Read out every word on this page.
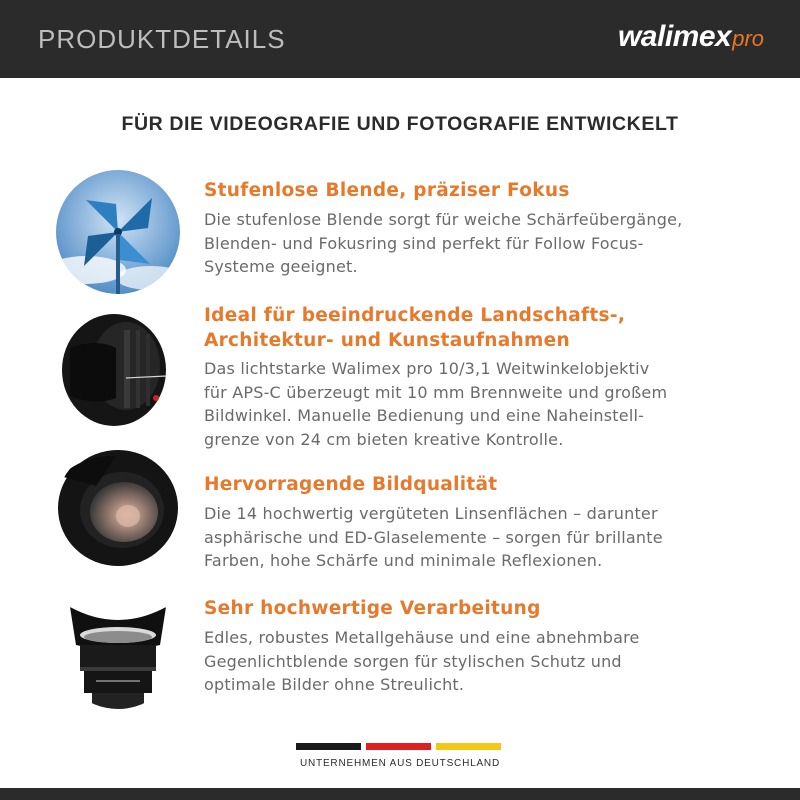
PRODUKTDETAILS	walimexpro
FÜR DIE VIDEOGRAFIE UND FOTOGRAFIE ENTWICKELT
Stufenlose Blende, präziser Fokus
Die stufenlose Blende sorgt für weiche Schärfeübergänge,
Blenden- und Fokusring sind perfekt für Follow Focus-
Systeme geeignet.
Ideal für beeindruckende Landschafts-,
Architektur- und Kunstaufnahmen
Das lichtstarke Walimex pro 10/3,1 Weitwinkelobjektiv
für APS-C überzeugt mit 10 mm Brennweite und großem
Bildwinkel. Manuelle Bedienung und eine Naheinstell-
grenze von 24 cm bieten kreative Kontrolle.
Hervorragende Bildqualität
Die 14 hochwertig vergüteten Linsenflächen – darunter
asphärische und ED-Glaselemente – sorgen für brillante
Farben, hohe Schärfe und minimale Reflexionen.
Sehr hochwertige Verarbeitung
Edles, robustes Metallgehäuse und eine abnehmbare
Gegenlichtblende sorgen für stylischen Schutz und
optimale Bilder ohne Streulicht.
UNTERNEHMEN AUS DEUTSCHLAND
